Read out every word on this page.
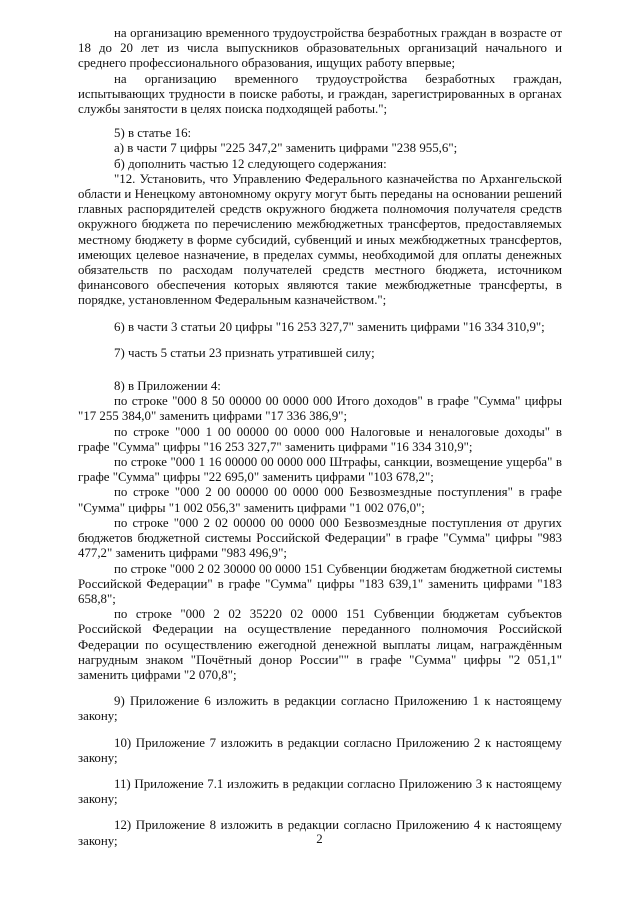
на организацию временного трудоустройства безработных граждан в возрасте от 18 до 20 лет из числа выпускников образовательных организаций начального и среднего профессионального образования, ищущих работу впервые;

на организацию временного трудоустройства безработных граждан, испытывающих трудности в поиске работы, и граждан, зарегистрированных в органах службы занятости в целях поиска подходящей работы.";

5) в статье 16:

а) в части 7 цифры "225 347,2" заменить цифрами "238 955,6";

б) дополнить частью 12 следующего содержания:

"12. Установить, что Управлению Федерального казначейства по Архангельской области и Ненецкому автономному округу могут быть переданы на основании решений главных распорядителей средств окружного бюджета полномочия получателя средств окружного бюджета по перечислению межбюджетных трансфертов, предоставляемых местному бюджету в форме субсидий, субвенций и иных межбюджетных трансфертов, имеющих целевое назначение, в пределах суммы, необходимой для оплаты денежных обязательств по расходам получателей средств местного бюджета, источником финансового обеспечения которых являются такие межбюджетные трансферты, в порядке, установленном Федеральным казначейством.";

6) в части 3 статьи 20 цифры "16 253 327,7" заменить цифрами "16 334 310,9";

7) часть 5 статьи 23 признать утратившей силу;

8) в Приложении 4:

по строке "000 8 50 00000 00 0000 000 Итого доходов" в графе "Сумма" цифры "17 255 384,0" заменить цифрами "17 336 386,9";

по строке "000 1 00 00000 00 0000 000 Налоговые и неналоговые доходы" в графе "Сумма" цифры "16 253 327,7" заменить цифрами "16 334 310,9";

по строке "000 1 16 00000 00 0000 000 Штрафы, санкции, возмещение ущерба" в графе "Сумма" цифры "22 695,0" заменить цифрами "103 678,2";

по строке "000 2 00 00000 00 0000 000 Безвозмездные поступления" в графе "Сумма" цифры "1 002 056,3" заменить цифрами "1 002 076,0";

по строке "000 2 02 00000 00 0000 000 Безвозмездные поступления от других бюджетов бюджетной системы Российской Федерации" в графе "Сумма" цифры "983 477,2" заменить цифрами "983 496,9";

по строке "000 2 02 30000 00 0000 151 Субвенции бюджетам бюджетной системы Российской Федерации" в графе "Сумма" цифры "183 639,1" заменить цифрами "183 658,8";

по строке "000 2 02 35220 02 0000 151 Субвенции бюджетам субъектов Российской Федерации на осуществление переданного полномочия Российской Федерации по осуществлению ежегодной денежной выплаты лицам, награждённым нагрудным знаком "Почётный донор России"" в графе "Сумма" цифры "2 051,1" заменить цифрами "2 070,8";

9) Приложение 6 изложить в редакции согласно Приложению 1 к настоящему закону;

10) Приложение 7 изложить в редакции согласно Приложению 2 к настоящему закону;

11) Приложение 7.1 изложить в редакции согласно Приложению 3 к настоящему закону;

12) Приложение 8 изложить в редакции согласно Приложению 4 к настоящему закону;	2
